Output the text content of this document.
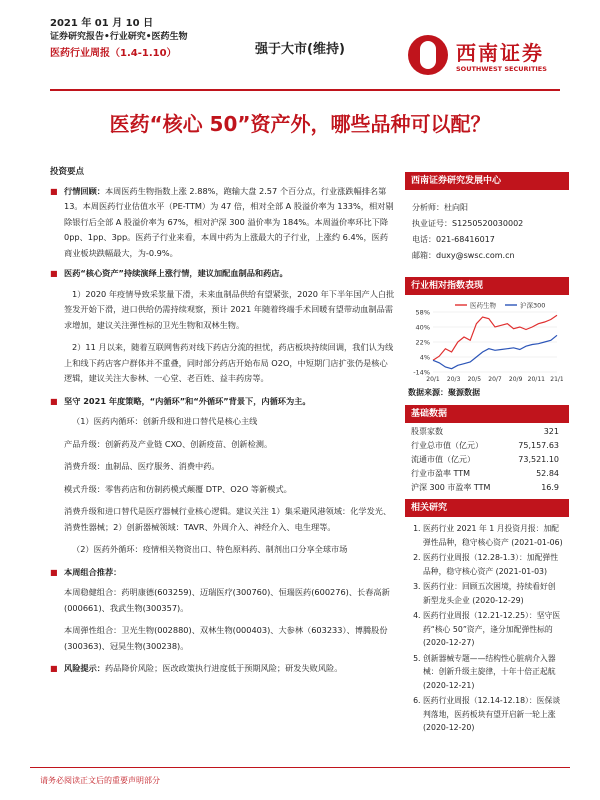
2021 年 01 月 10 日
证券研究报告•行业研究•医药生物
医药行业周报（1.4-1.10）	强于大市(维持)	西南证券
SOUTHWEST SECURITIES
医药“核心 50”资产外，哪些品种可以配？
投资要点
■ 行情回顾：本周医药生物指数上涨 2.88%，跑输大盘 2.57 个百分点，行业涨跌幅排名第 13。本周医药行业估值水平（PE-TTM）为 47 倍，相对全部 A 股溢价率为 133%，相对剔除银行后全部 A 股溢价率为 67%，相对沪深 300 溢价率为 184%。本周溢价率环比下降 0pp、1pp、3pp。医药子行业来看，本周中药为上涨最大的子行业，上涨约 6.4%，医药商业板块跌幅最大，为-0.9%。
■ 医药“核心资产”持续演绎上涨行情，建议加配血制品和药店。
1）2020 年疫情导致采浆量下滑，未来血制品供给有望紧张，2020 年下半年国产人白批签发开始下滑，进口供给仍需持续观察，预计 2021 年随着终端手术回暖有望带动血制品需求增加，建议关注弹性标的卫光生物和双林生物。
2）11 月以来，随着互联网售药对线下药店分流的担忧，药店板块持续回调，我们认为线上和线下药店客户群体并不重叠，同时部分药店开始布局 O2O，中短期门店扩张仍是核心逻辑，建议关注大参林、一心堂、老百姓、益丰药房等。
■ 坚守 2021 年度策略，“内循环”和“外循环”背景下，内循环为主。
（1）医药内循环：创新升级和进口替代是核心主线
产品升级：创新药及产业链 CXO、创新疫苗、创新检测。
消费升级：血制品、医疗服务、消费中药。
模式升级：零售药店和仿制药模式颠覆 DTP、O2O 等新模式。
消费升级和进口替代是医疗器械行业核心逻辑。建议关注 1）集采避风港领域：化学发光、消费性器械；2）创新器械领域：TAVR、外周介入、神经介入、电生理等。
（2）医药外循环：疫情相关物资出口、特色原料药、制剂出口分享全球市场
■ 本周组合推荐：
本周稳健组合：药明康德(603259)、迈瑞医疗(300760)、恒瑞医药(600276)、长春高新(000661)、我武生物(300357)。
本周弹性组合：卫光生物(002880)、双林生物(000403)、大参林（603233）、博腾股份(300363)、冠昊生物(300238)。
■ 风险提示：药品降价风险；医改政策执行进度低于预期风险；研发失败风险。
西南证券研究发展中心
分析师：杜向阳
执业证号：S1250520030002
电话：021-68416017
邮箱：duxy@swsc.com.cn
行业相对指数表现
-14%
4%
22%
40%
58%
20/1 20/3 20/5 20/7 20/9 20/11 21/1
医药生物	沪深300
数据来源：聚源数据
基础数据
股票家数	321
行业总市值（亿元）	75,157.63
流通市值（亿元）	73,521.10
行业市盈率 TTM	52.84
沪深 300 市盈率 TTM	16.9
相关研究
1. 医药行业 2021 年 1 月投资月报：加配弹性品种，稳守核心资产 (2021-01-06)
2. 医药行业周报（12.28-1.3）：加配弹性品种，稳守核心资产 (2021-01-03)
3. 医药行业：回顾五次困境，持续看好创新型龙头企业 (2020-12-29)
4. 医药行业周报（12.21-12.25）：坚守医药“核心 50”资产，逢分加配弹性标的 (2020-12-27)
5. 创新器械专题——结构性心脏病介入器械：创新升级主旋律，十年十倍正起航 (2020-12-21)
6. 医药行业周报（12.14-12.18）：医保谈判落地，医药板块有望开启新一轮上涨 (2020-12-20)
请务必阅读正文后的重要声明部分
